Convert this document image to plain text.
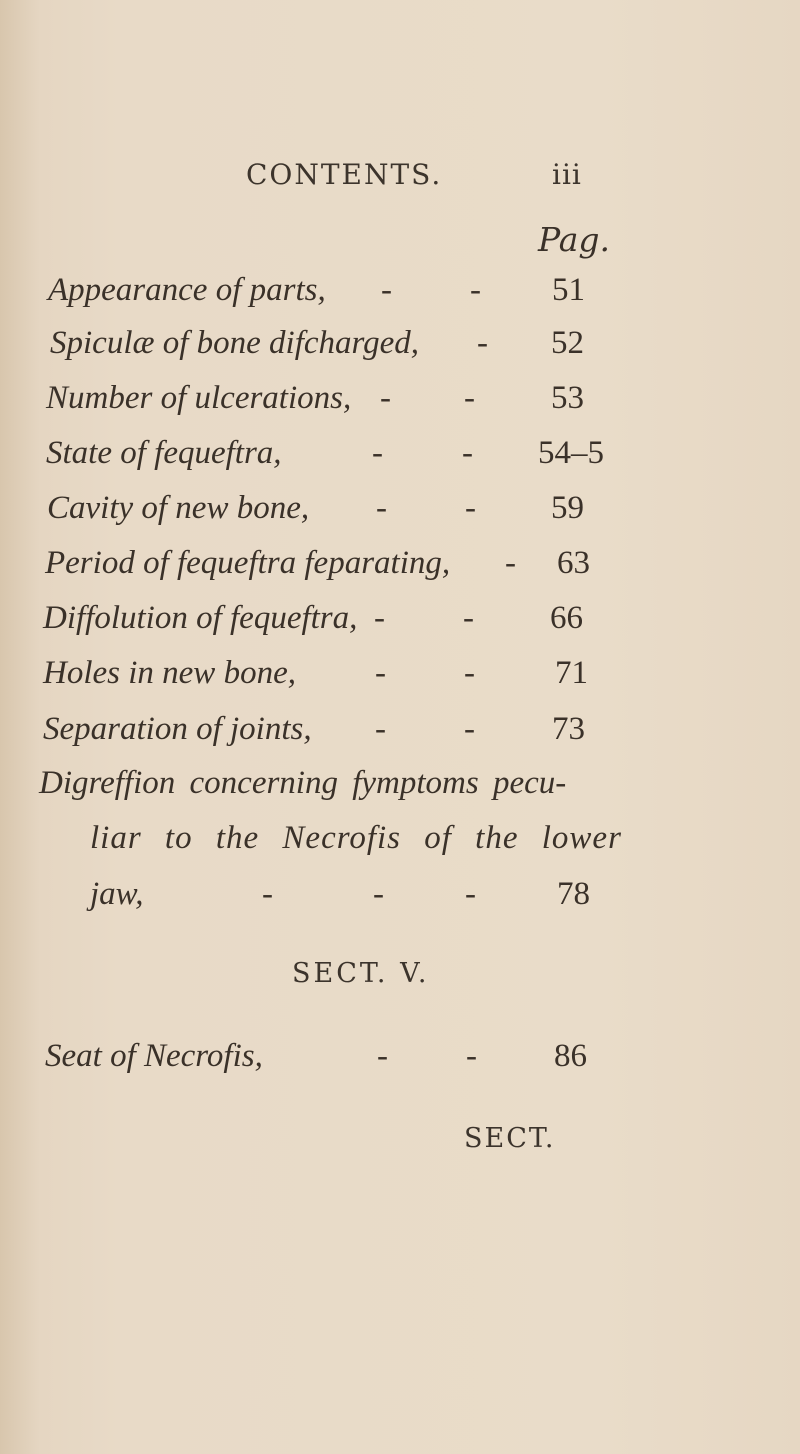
CONTENTS.	iii
Pag.
Appearance of parts, - - 51
Spiculæ of bone difcharged, - 52
Number of ulcerations, - - 53
State of fequeftra,	- - 54–5
Cavity of new bone, - - 59
Period of fequeftra feparating, - 63
Diffolution of fequeftra, - - 66
Holes in new bone, - - 71
Separation of joints, - - 73
Digreffion concerning fymptoms pecu-
liar to the Necrofis of the lower
jaw,	-	- - 78
SECT. V.
Seat of Necrofis,	- - 86
SECT.
